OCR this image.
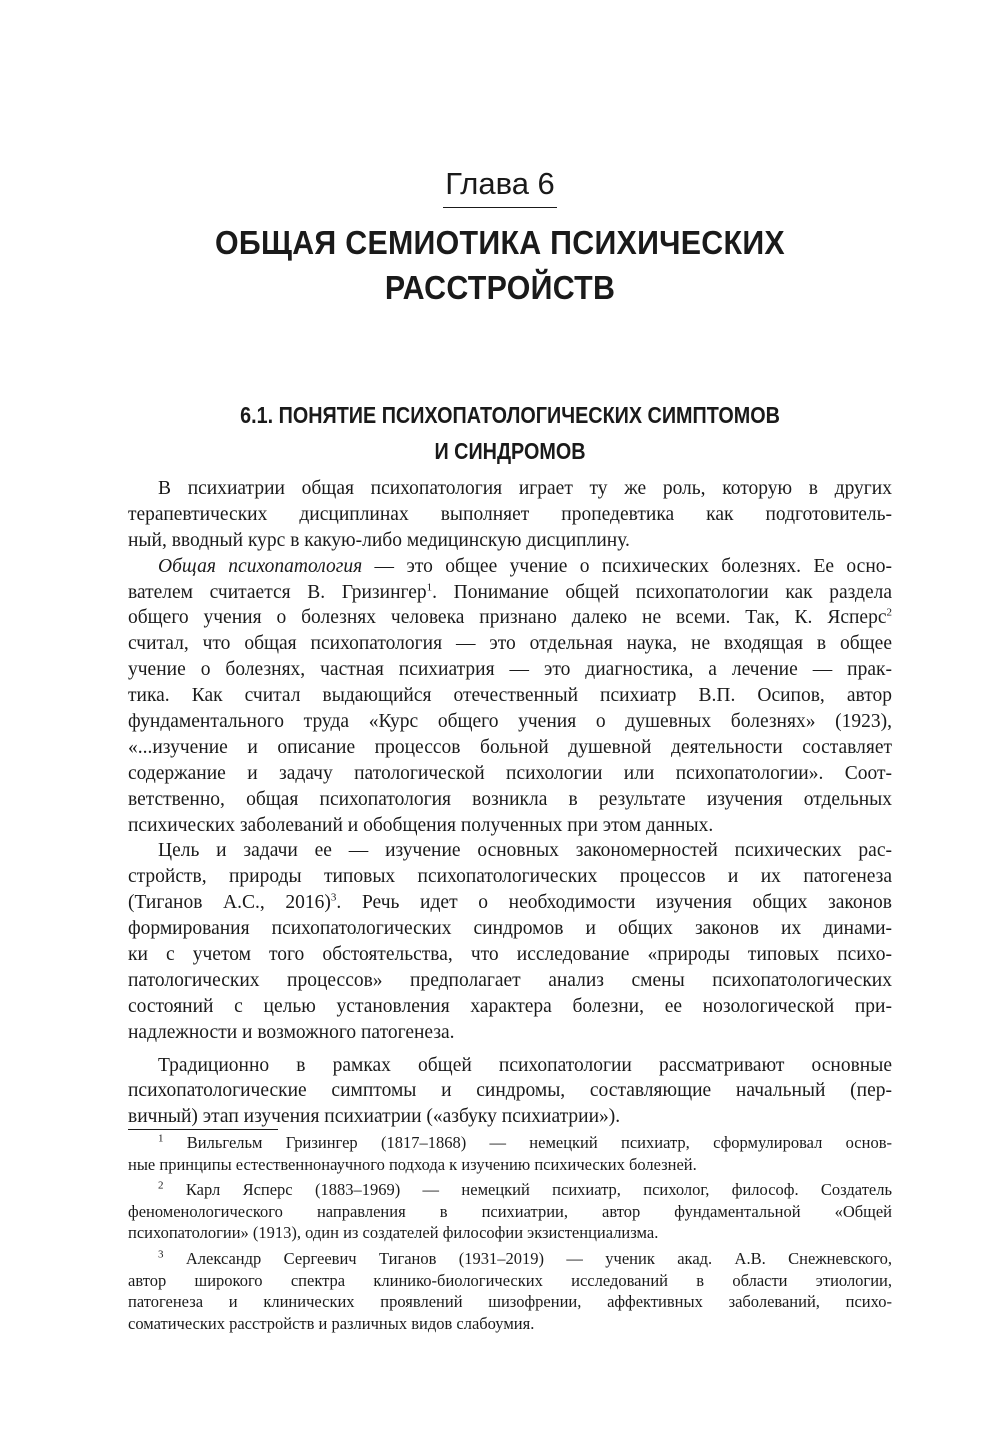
Глава 6
ОБЩАЯ СЕМИОТИКА ПСИХИЧЕСКИХ
РАССТРОЙСТВ
6.1. ПОНЯТИЕ ПСИХОПАТОЛОГИЧЕСКИХ СИМПТОМОВ
И СИНДРОМОВ
В психиатрии общая психопатология играет ту же роль, которую в других
терапевтических дисциплинах выполняет пропедевтика как подготовитель-
ный, вводный курс в какую-либо медицинскую дисциплину.
Общая психопатология — это общее учение о психических болезнях. Ее осно-
вателем считается В. Гризингер$^1$. Понимание общей психопатологии как раздела
общего учения о болезнях человека признано далеко не всеми. Так, К. Ясперс$^2$
считал, что общая психопатология — это отдельная наука, не входящая в общее
учение о болезнях, частная психиатрия — это диагностика, а лечение — прак-
тика. Как считал выдающийся отечественный психиатр В.П. Осипов, автор
фундаментального труда «Курс общего учения о душевных болезнях» (1923),
«...изучение и описание процессов больной душевной деятельности составляет
содержание и задачу патологической психологии или психопатологии». Соот-
ветственно, общая психопатология возникла в результате изучения отдельных
психических заболеваний и обобщения полученных при этом данных.
Цель и задачи ее — изучение основных закономерностей психических рас-
стройств, природы типовых психопатологических процессов и их патогенеза
(Тиганов А.С., 2016)$^3$. Речь идет о необходимости изучения общих законов
формирования психопатологических синдромов и общих законов их динами-
ки с учетом того обстоятельства, что исследование «природы типовых психо-
патологических процессов» предполагает анализ смены психопатологических
состояний с целью установления характера болезни, ее нозологической при-
надлежности и возможного патогенеза.
Традиционно в рамках общей психопатологии рассматривают основные
психопатологические симптомы и синдромы, составляющие начальный (пер-
вичный) этап изучения психиатрии («азбуку психиатрии»).
$^1$ Вильгельм Гризингер (1817–1868) — немецкий психиатр, сформулировал основ-
ные принципы естественнонаучного подхода к изучению психических болезней.
$^2$ Карл Ясперс (1883–1969) — немецкий психиатр, психолог, философ. Создатель
феноменологического направления в психиатрии, автор фундаментальной «Общей
психопатологии» (1913), один из создателей философии экзистенциализма.
$^3$ Александр Сергеевич Тиганов (1931–2019) — ученик акад. А.В. Снежневского,
автор широкого спектра клинико-биологических исследований в области этиологии,
патогенеза и клинических проявлений шизофрении, аффективных заболеваний, психо-
соматических расстройств и различных видов слабоумия.
